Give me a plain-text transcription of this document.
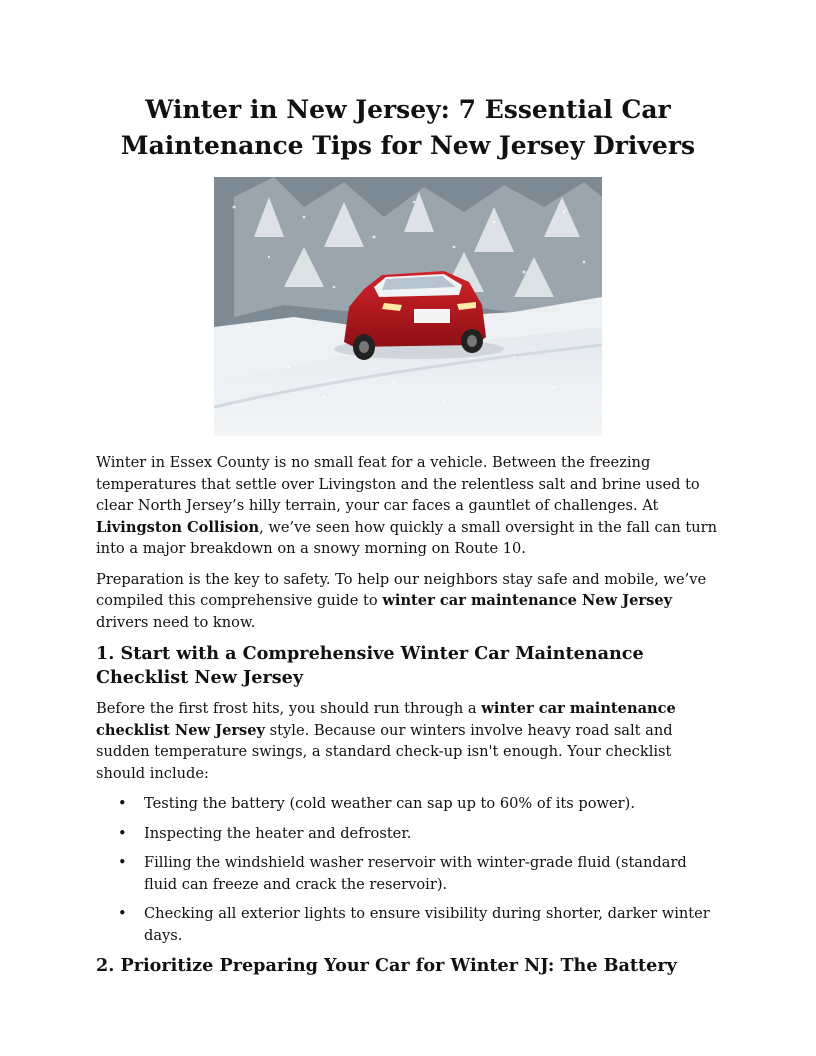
Winter in New Jersey: 7 Essential Car Maintenance Tips for New Jersey Drivers

Winter in Essex County is no small feat for a vehicle. Between the freezing temperatures that settle over Livingston and the relentless salt and brine used to clear North Jersey’s hilly terrain, your car faces a gauntlet of challenges. At Livingston Collision, we’ve seen how quickly a small oversight in the fall can turn into a major breakdown on a snowy morning on Route 10.

Preparation is the key to safety. To help our neighbors stay safe and mobile, we’ve compiled this comprehensive guide to winter car maintenance New Jersey drivers need to know.

1. Start with a Comprehensive Winter Car Maintenance Checklist New Jersey

Before the first frost hits, you should run through a winter car maintenance checklist New Jersey style. Because our winters involve heavy road salt and sudden temperature swings, a standard check-up isn't enough. Your checklist should include:

• Testing the battery (cold weather can sap up to 60% of its power).
• Inspecting the heater and defroster.
• Filling the windshield washer reservoir with winter-grade fluid (standard fluid can freeze and crack the reservoir).
• Checking all exterior lights to ensure visibility during shorter, darker winter days.
2. Prioritize Preparing Your Car for Winter NJ: The Battery
